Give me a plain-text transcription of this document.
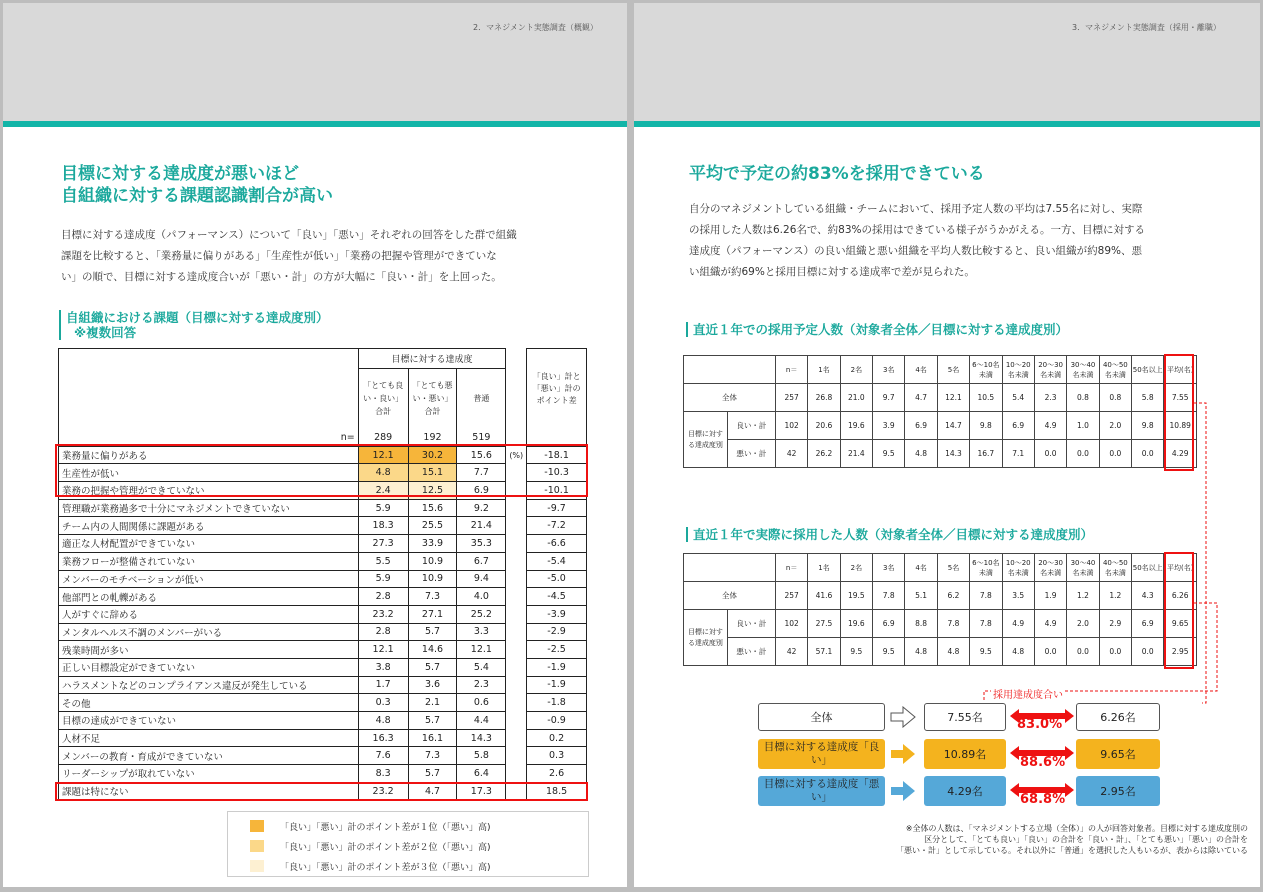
2．マネジメント実態調査（概観）
目標に対する達成度が悪いほど
自組織に対する課題認識割合が高い
目標に対する達成度（パフォーマンス）について「良い」「悪い」それぞれの回答をした群で組織
課題を比較すると、「業務量に偏りがある」「生産性が低い」「業務の把握や管理ができていな
い」の順で、目標に対する達成度合いが「悪い・計」の方が大幅に「良い・計」を上回った。
自組織における課題（目標に対する達成度別）
※複数回答
	目標に対する達成度				「良い」計と「悪い」計のポイント差
	「とても良い・良い」合計	「とても悪い・悪い」合計	普通		
n=	289	192	519		
業務量に偏りがある	12.1	30.2	15.6	(%)	-18.1
生産性が低い	4.8	15.1	7.7		-10.3
業務の把握や管理ができていない	2.4	12.5	6.9		-10.1
管理職が業務過多で十分にマネジメントできていない	5.9	15.6	9.2		-9.7
チーム内の人間関係に課題がある	18.3	25.5	21.4		-7.2
適正な人材配置ができていない	27.3	33.9	35.3		-6.6
業務フローが整備されていない	5.5	10.9	6.7		-5.4
メンバーのモチベーションが低い	5.9	10.9	9.4		-5.0
他部門との軋轢がある	2.8	7.3	4.0		-4.5
人がすぐに辞める	23.2	27.1	25.2		-3.9
メンタルヘルス不調のメンバーがいる	2.8	5.7	3.3		-2.9
残業時間が多い	12.1	14.6	12.1		-2.5
正しい目標設定ができていない	3.8	5.7	5.4		-1.9
ハラスメントなどのコンプライアンス違反が発生している	1.7	3.6	2.3		-1.9
その他	0.3	2.1	0.6		-1.8
目標の達成ができていない	4.8	5.7	4.4		-0.9
人材不足	16.3	16.1	14.3		0.2
メンバーの教育・育成ができていない	7.6	7.3	5.8		0.3
リーダーシップが取れていない	8.3	5.7	6.4		2.6
課題は特にない	23.2	4.7	17.3		18.5
「良い」「悪い」計のポイント差が１位（「悪い」高)
「良い」「悪い」計のポイント差が２位（「悪い」高)
「良い」「悪い」計のポイント差が３位（「悪い」高)
3．マネジメント実態調査（採用・離職）
平均で予定の約83%を採用できている
自分のマネジメントしている組織・チームにおいて、採用予定人数の平均は7.55名に対し、実際
の採用した人数は6.26名で、約83%の採用はできている様子がうかがえる。一方、目標に対する
達成度（パフォーマンス）の良い組織と悪い組織を平均人数比較すると、良い組織が約89%、悪
い組織が約69%と採用目標に対する達成率で差が見られた。
直近１年での採用予定人数（対象者全体／目標に対する達成度別）
		n＝	1名	2名	3名	4名	5名	6～10名未満	10～20名未満	20～30名未満	30～40名未満	40～50名未満	50名以上	平均(名)
全体		257	26.8	21.0	9.7	4.7	12.1	10.5	5.4	2.3	0.8	0.8	5.8	7.55
目標に対する達成度別	良い・計	102	20.6	19.6	3.9	6.9	14.7	9.8	6.9	4.9	1.0	2.0	9.8	10.89
	悪い・計	42	26.2	21.4	9.5	4.8	14.3	16.7	7.1	0.0	0.0	0.0	0.0	4.29
直近１年で実際に採用した人数（対象者全体／目標に対する達成度別）
		n＝	1名	2名	3名	4名	5名	6～10名未満	10～20名未満	20～30名未満	30～40名未満	40～50名未満	50名以上	平均(名)
全体		257	41.6	19.5	7.8	5.1	6.2	7.8	3.5	1.9	1.2	1.2	4.3	6.26
目標に対する達成度別	良い・計	102	27.5	19.6	6.9	8.8	7.8	7.8	4.9	4.9	2.0	2.9	6.9	9.65
	悪い・計	42	57.1	9.5	9.5	4.8	4.8	9.5	4.8	0.0	0.0	0.0	0.0	2.95
採用達成度合い
全体	7.55名	6.26名
83.0%
目標に対する達成度「良い」	10.89名	9.65名
88.6%
目標に対する達成度「悪い」	4.29名	2.95名
68.8%
※全体の人数は、「マネジメントする立場（全体）」の人が回答対象者。目標に対する達成度別の
区分として、「とても良い」「良い」の合計を「良い・計」、「とても悪い」「悪い」の合計を
「悪い・計」として示している。それ以外に「普通」を選択した人もいるが、表からは除いている
